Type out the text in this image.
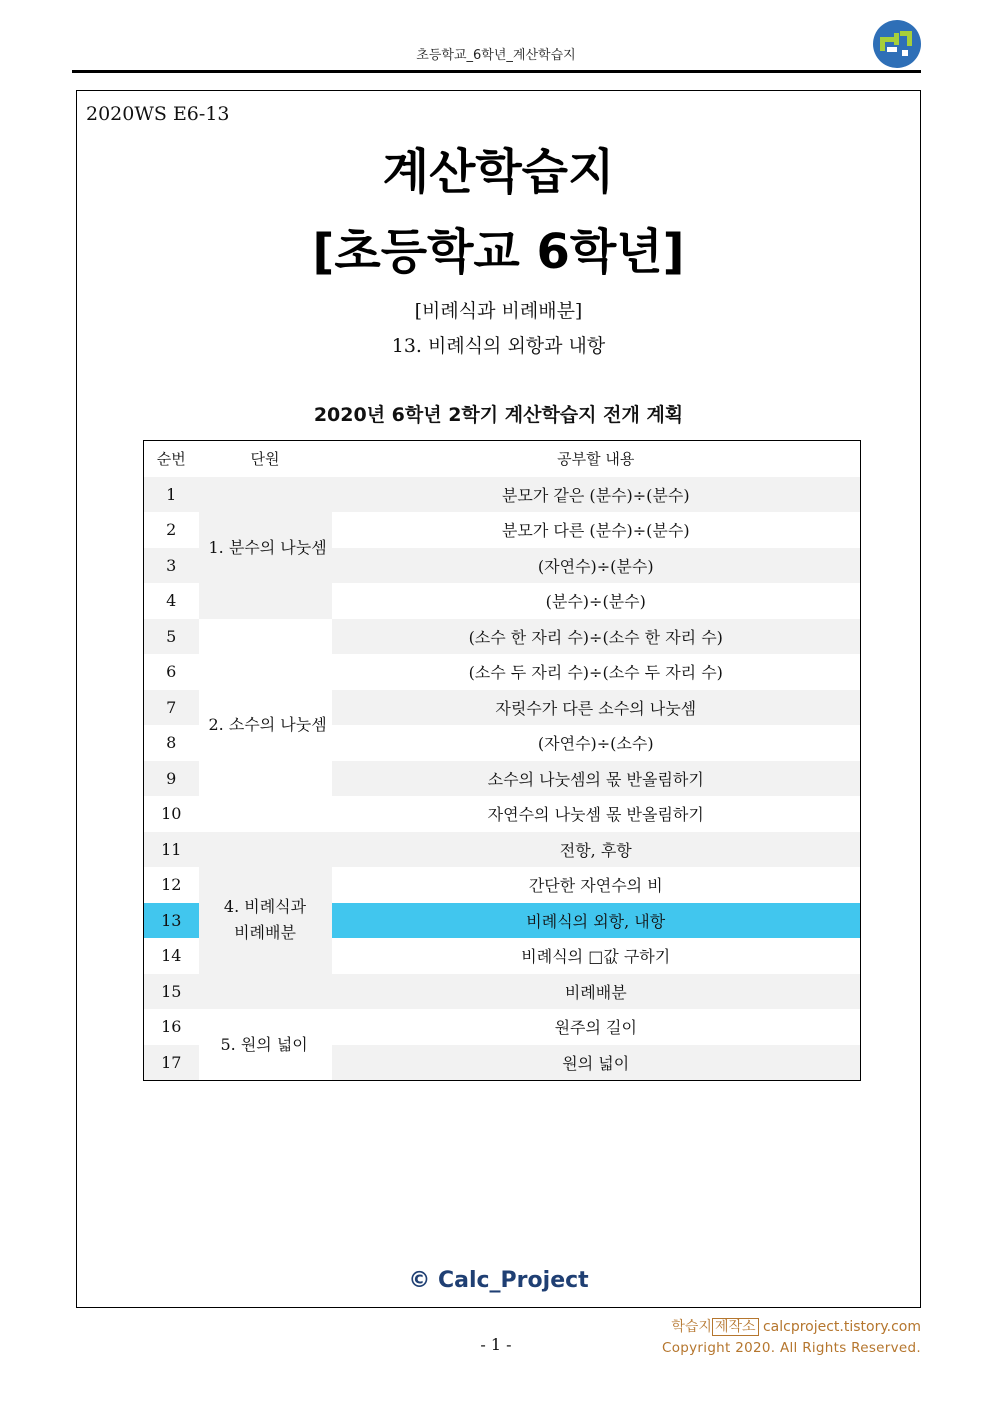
초등학교_6학년_계산학습지
2020WS E6-13
계산학습지
[초등학교 6학년]
[비례식과 비례배분]
13. 비례식의 외항과 내항
2020년 6학년 2학기 계산학습지 전개 계획
순번	단원	공부할 내용
1	1. 분수의 나눗셈	분모가 같은 (분수)÷(분수)
2		분모가 다른 (분수)÷(분수)
3		(자연수)÷(분수)
4		(분수)÷(분수)
5	2. 소수의 나눗셈	(소수 한 자리 수)÷(소수 한 자리 수)
6		(소수 두 자리 수)÷(소수 두 자리 수)
7		자릿수가 다른 소수의 나눗셈
8		(자연수)÷(소수)
9		소수의 나눗셈의 몫 반올림하기
10		자연수의 나눗셈 몫 반올림하기
11	4. 비례식과 비례배분	전항, 후항
12		간단한 자연수의 비
13		비례식의 외항, 내항
14		비례식의 □값 구하기
15		비례배분
16	5. 원의 넓이	원주의 길이
17		원의 넓이
© Calc_Project
학습지 제작소 calcproject.tistory.com
Copyright 2020. All Rights Reserved.
- 1 -
